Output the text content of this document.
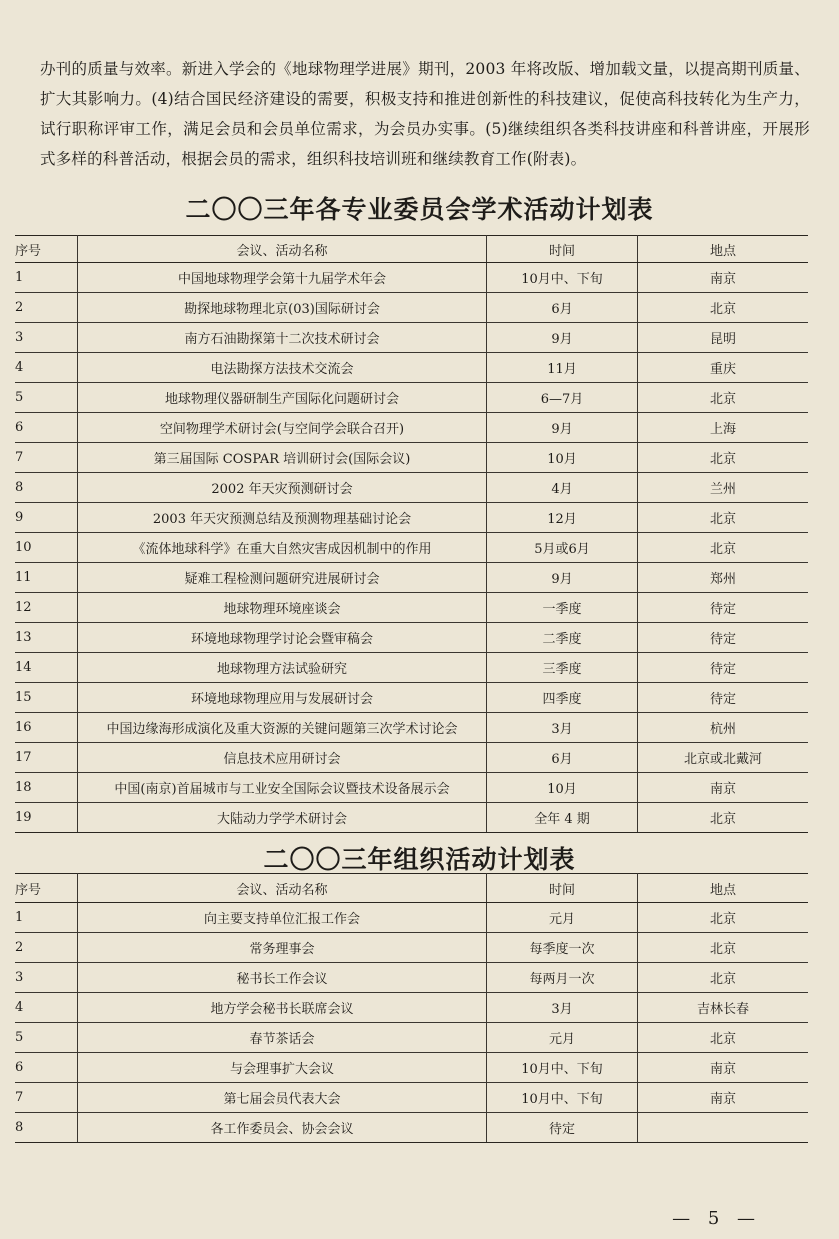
办刊的质量与效率。新进入学会的《地球物理学进展》期刊，2003 年将改版、增加载文量，以提高期刊质量、扩大其影响力。(4)结合国民经济建设的需要，积极支持和推进创新性的科技建议，促使高科技转化为生产力，试行职称评审工作，满足会员和会员单位需求，为会员办实事。(5)继续组织各类科技讲座和科普讲座，开展形式多样的科普活动，根据会员的需求，组织科技培训班和继续教育工作(附表)。

二〇〇三年各专业委员会学术活动计划表
序号	会议、活动名称	时间	地点
1	中国地球物理学会第十九届学术年会	10月中、下旬	南京
2	勘探地球物理北京(03)国际研讨会	6月	北京
3	南方石油勘探第十二次技术研讨会	9月	昆明
4	电法勘探方法技术交流会	11月	重庆
5	地球物理仪器研制生产国际化问题研讨会	6—7月	北京
6	空间物理学术研讨会(与空间学会联合召开)	9月	上海
7	第三届国际 COSPAR 培训研讨会(国际会议)	10月	北京
8	2002 年天灾预测研讨会	4月	兰州
9	2003 年天灾预测总结及预测物理基础讨论会	12月	北京
10	《流体地球科学》在重大自然灾害成因机制中的作用	5月或6月	北京
11	疑难工程检测问题研究进展研讨会	9月	郑州
12	地球物理环境座谈会	一季度	待定
13	环境地球物理学讨论会暨审稿会	二季度	待定
14	地球物理方法试验研究	三季度	待定
15	环境地球物理应用与发展研讨会	四季度	待定
16	中国边缘海形成演化及重大资源的关键问题第三次学术讨论会	3月	杭州
17	信息技术应用研讨会	6月	北京或北戴河
18	中国(南京)首届城市与工业安全国际会议暨技术设备展示会	10月	南京
19	大陆动力学学术研讨会	全年 4 期	北京
二〇〇三年组织活动计划表
序号	会议、活动名称	时间	地点
1	向主要支持单位汇报工作会	元月	北京
2	常务理事会	每季度一次	北京
3	秘书长工作会议	每两月一次	北京
4	地方学会秘书长联席会议	3月	吉林长春
5	春节茶话会	元月	北京
6	与会理事扩大会议	10月中、下旬	南京
7	第七届会员代表大会	10月中、下旬	南京
8	各工作委员会、协会会议	待定	
— 5 —
